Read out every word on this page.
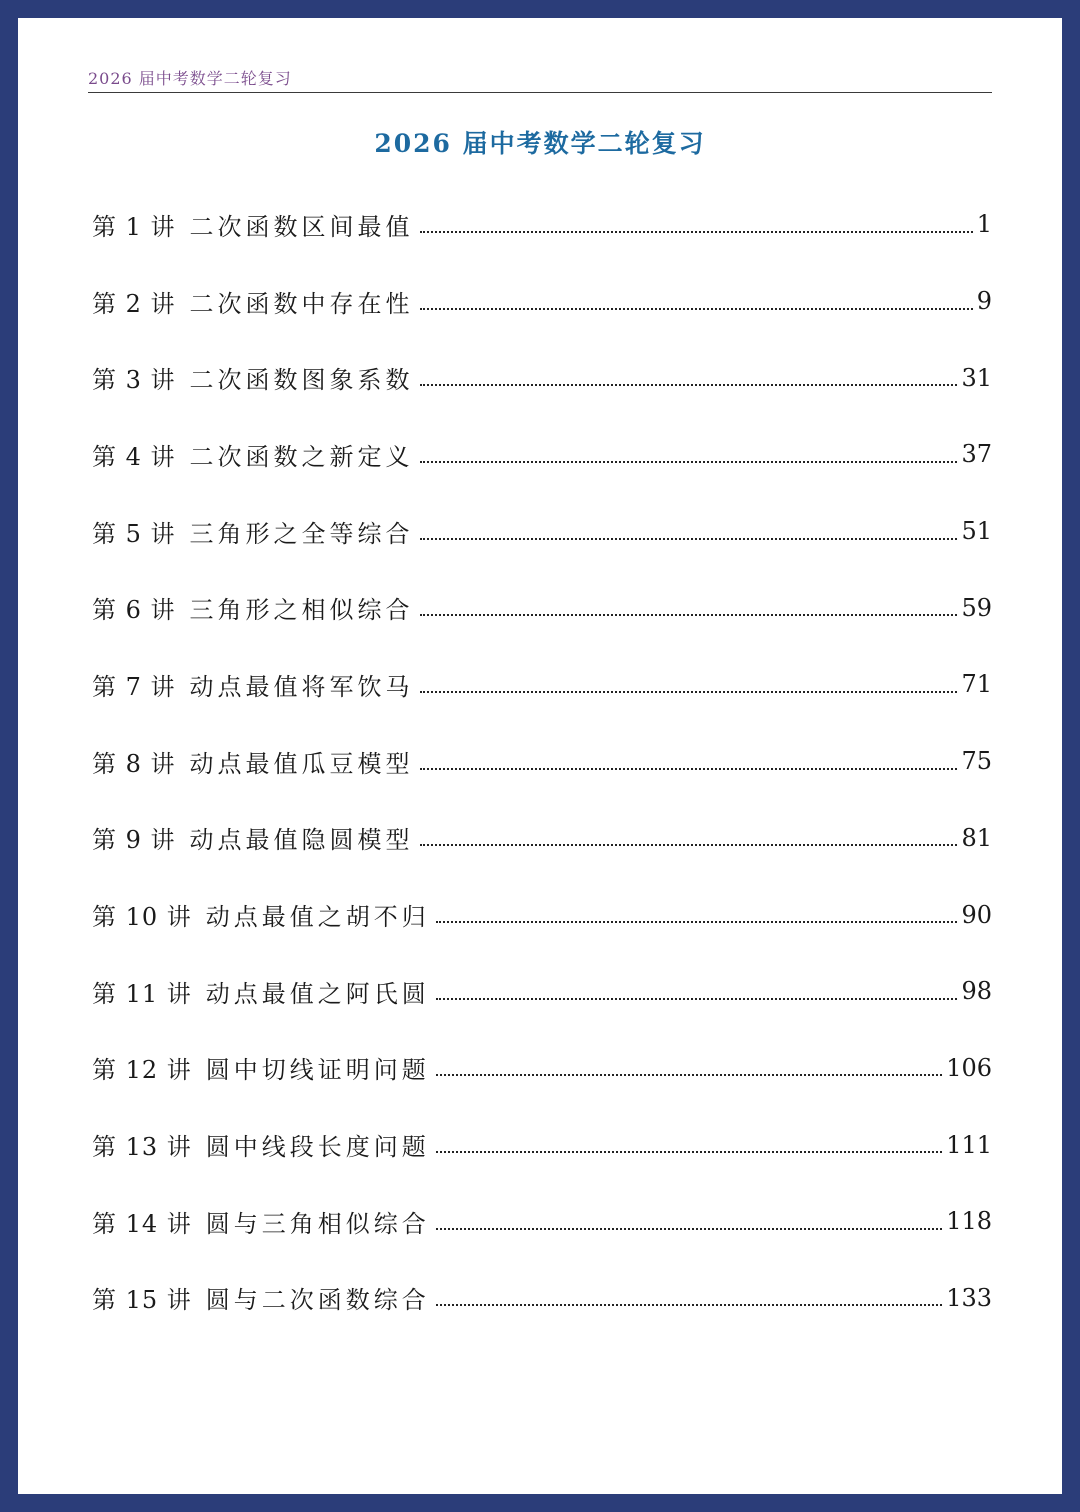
2026 届中考数学二轮复习
2026 届中考数学二轮复习
第 1 讲 二次函数区间最值	1
第 2 讲 二次函数中存在性	9
第 3 讲 二次函数图象系数	31
第 4 讲 二次函数之新定义	37
第 5 讲 三角形之全等综合	51
第 6 讲 三角形之相似综合	59
第 7 讲 动点最值将军饮马	71
第 8 讲 动点最值瓜豆模型	75
第 9 讲 动点最值隐圆模型	81
第 10 讲 动点最值之胡不归	90
第 11 讲 动点最值之阿氏圆	98
第 12 讲 圆中切线证明问题	106
第 13 讲 圆中线段长度问题	111
第 14 讲 圆与三角相似综合	118
第 15 讲 圆与二次函数综合	133
